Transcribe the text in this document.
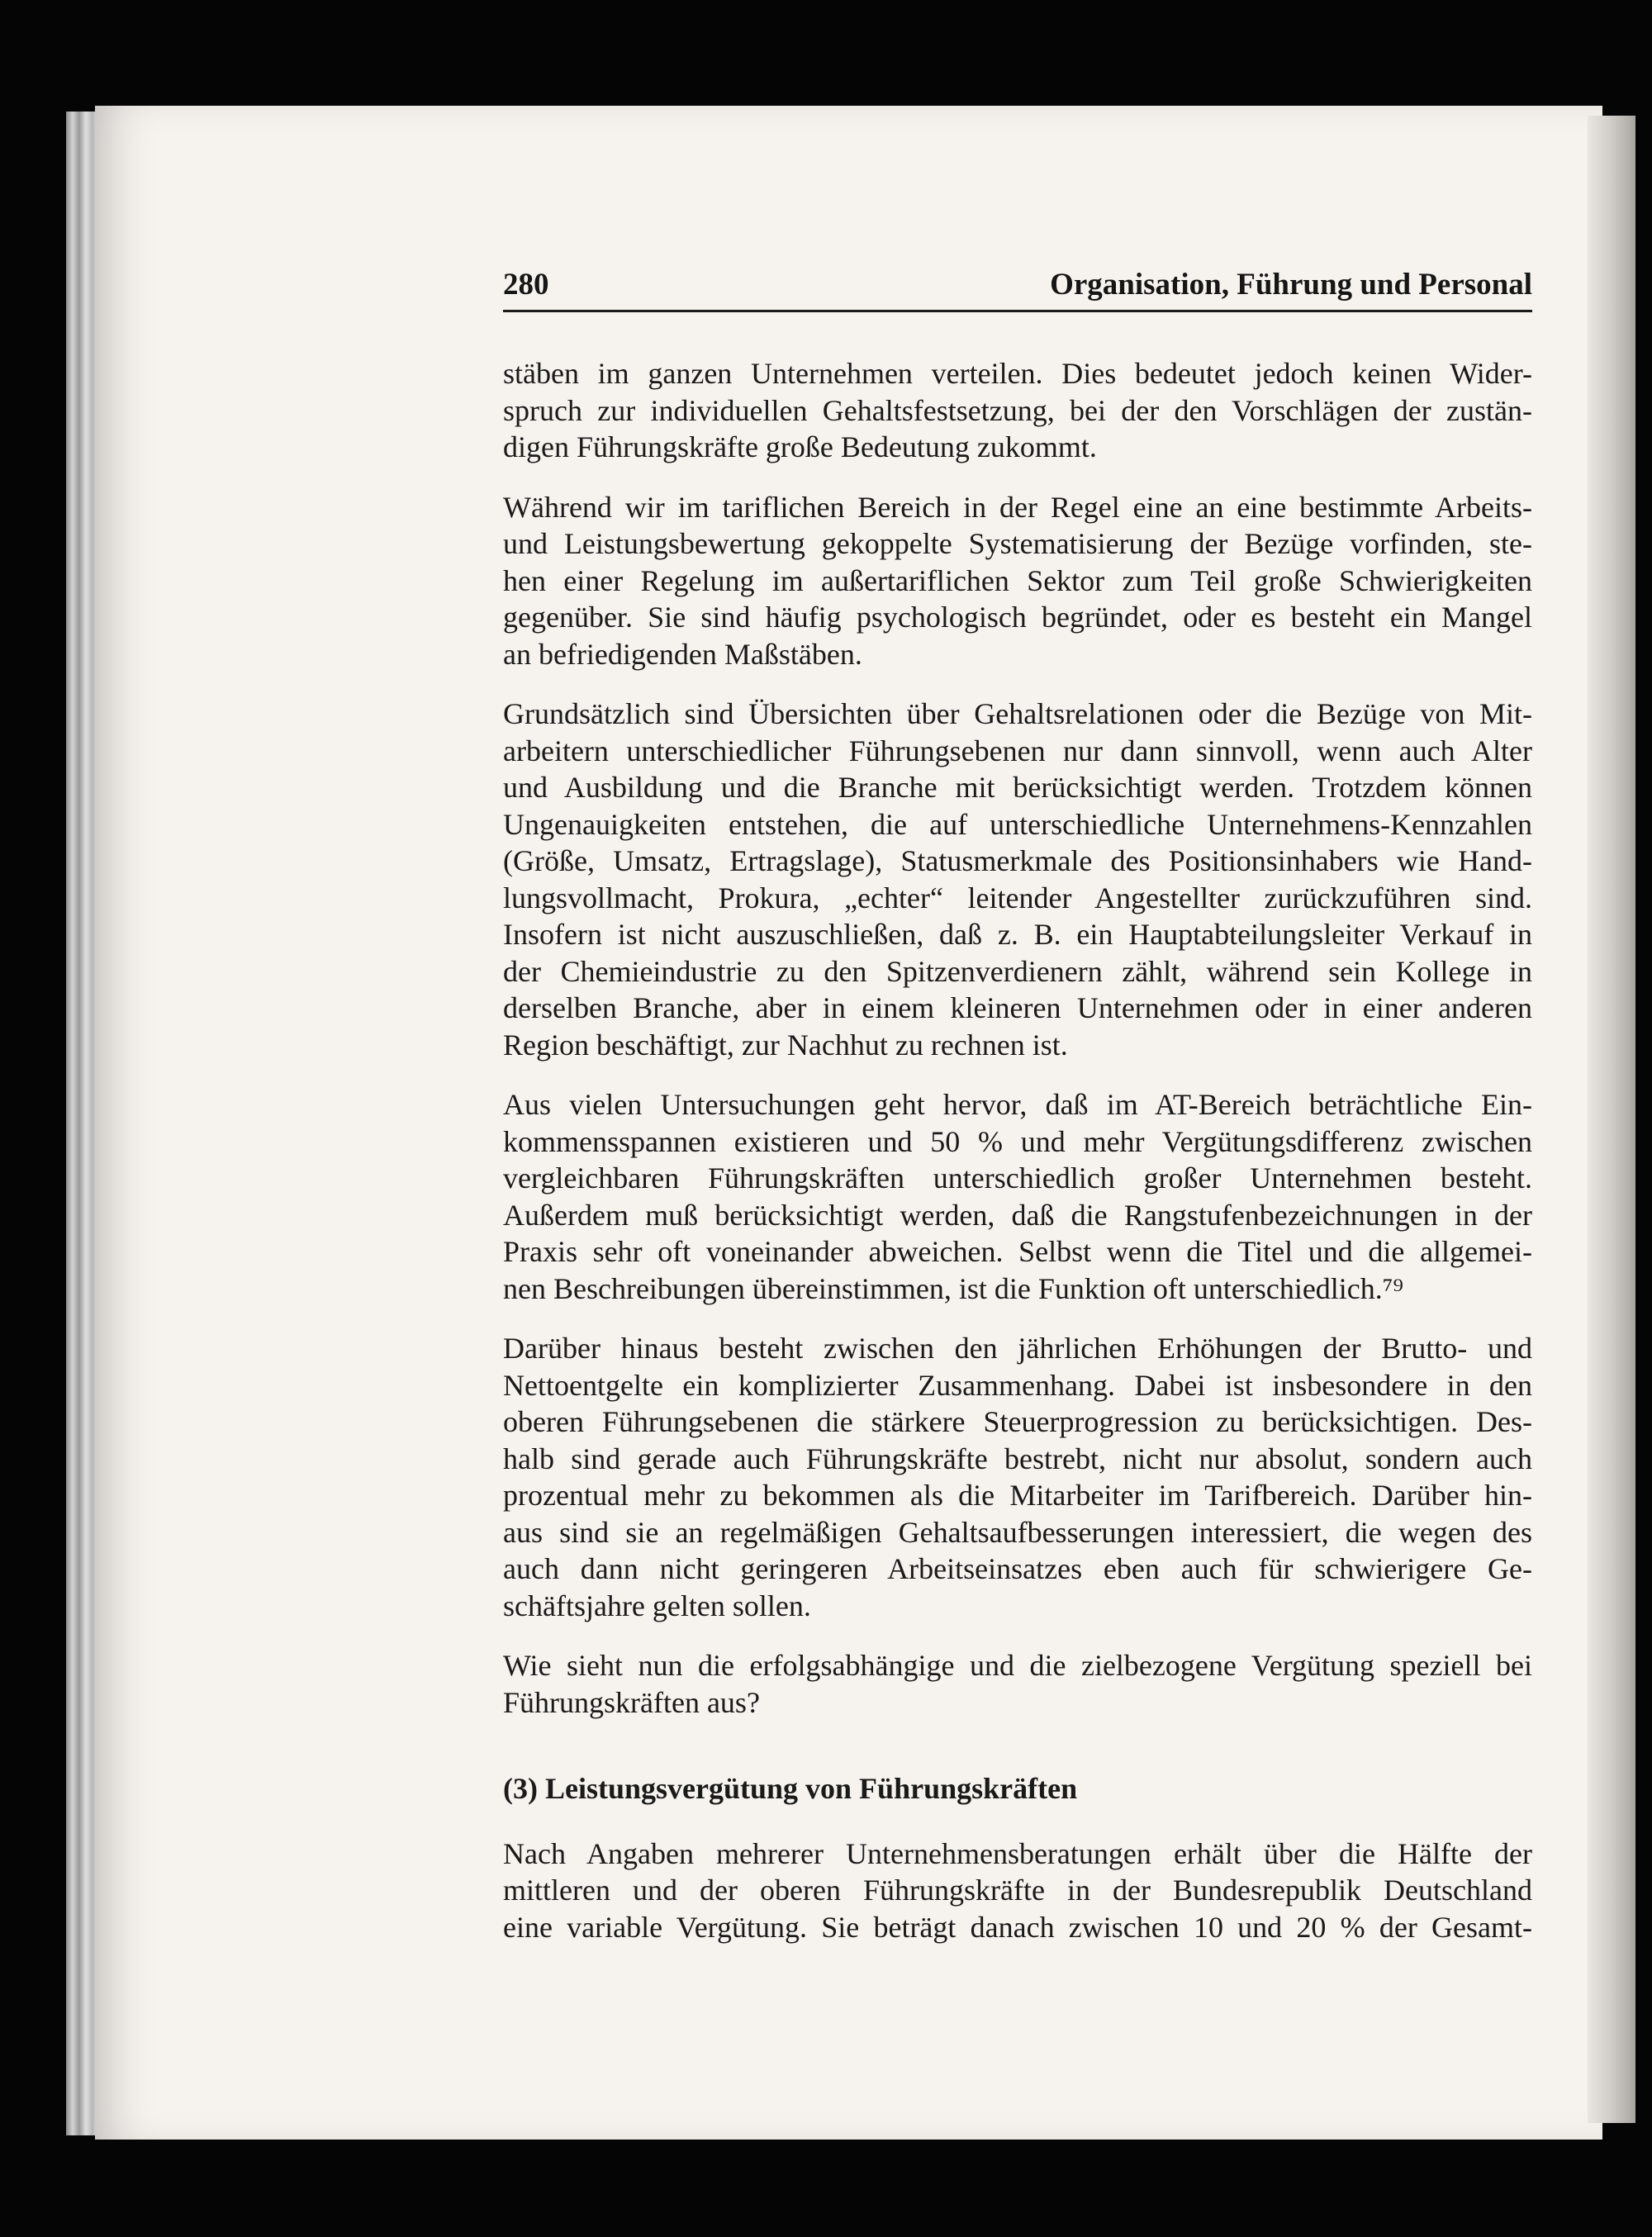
280	Organisation, Führung und Personal
stäben im ganzen Unternehmen verteilen. Dies bedeutet jedoch keinen Wider-
spruch zur individuellen Gehaltsfestsetzung, bei der den Vorschlägen der zustän-
digen Führungskräfte große Bedeutung zukommt.
Während wir im tariflichen Bereich in der Regel eine an eine bestimmte Arbeits-
und Leistungsbewertung gekoppelte Systematisierung der Bezüge vorfinden, ste-
hen einer Regelung im außertariflichen Sektor zum Teil große Schwierigkeiten
gegenüber. Sie sind häufig psychologisch begründet, oder es besteht ein Mangel
an befriedigenden Maßstäben.
Grundsätzlich sind Übersichten über Gehaltsrelationen oder die Bezüge von Mit-
arbeitern unterschiedlicher Führungsebenen nur dann sinnvoll, wenn auch Alter
und Ausbildung und die Branche mit berücksichtigt werden. Trotzdem können
Ungenauigkeiten entstehen, die auf unterschiedliche Unternehmens-Kennzahlen
(Größe, Umsatz, Ertragslage), Statusmerkmale des Positionsinhabers wie Hand-
lungsvollmacht, Prokura, „echter“ leitender Angestellter zurückzuführen sind.
Insofern ist nicht auszuschließen, daß z. B. ein Hauptabteilungsleiter Verkauf in
der Chemieindustrie zu den Spitzenverdienern zählt, während sein Kollege in
derselben Branche, aber in einem kleineren Unternehmen oder in einer anderen
Region beschäftigt, zur Nachhut zu rechnen ist.
Aus vielen Untersuchungen geht hervor, daß im AT-Bereich beträchtliche Ein-
kommensspannen existieren und 50 % und mehr Vergütungsdifferenz zwischen
vergleichbaren Führungskräften unterschiedlich großer Unternehmen besteht.
Außerdem muß berücksichtigt werden, daß die Rangstufenbezeichnungen in der
Praxis sehr oft voneinander abweichen. Selbst wenn die Titel und die allgemei-
nen Beschreibungen übereinstimmen, ist die Funktion oft unterschiedlich.⁷⁹
Darüber hinaus besteht zwischen den jährlichen Erhöhungen der Brutto- und
Nettoentgelte ein komplizierter Zusammenhang. Dabei ist insbesondere in den
oberen Führungsebenen die stärkere Steuerprogression zu berücksichtigen. Des-
halb sind gerade auch Führungskräfte bestrebt, nicht nur absolut, sondern auch
prozentual mehr zu bekommen als die Mitarbeiter im Tarifbereich. Darüber hin-
aus sind sie an regelmäßigen Gehaltsaufbesserungen interessiert, die wegen des
auch dann nicht geringeren Arbeitseinsatzes eben auch für schwierigere Ge-
schäftsjahre gelten sollen.
Wie sieht nun die erfolgsabhängige und die zielbezogene Vergütung speziell bei
Führungskräften aus?
(3) Leistungsvergütung von Führungskräften
Nach Angaben mehrerer Unternehmensberatungen erhält über die Hälfte der
mittleren und der oberen Führungskräfte in der Bundesrepublik Deutschland
eine variable Vergütung. Sie beträgt danach zwischen 10 und 20 % der Gesamt-
